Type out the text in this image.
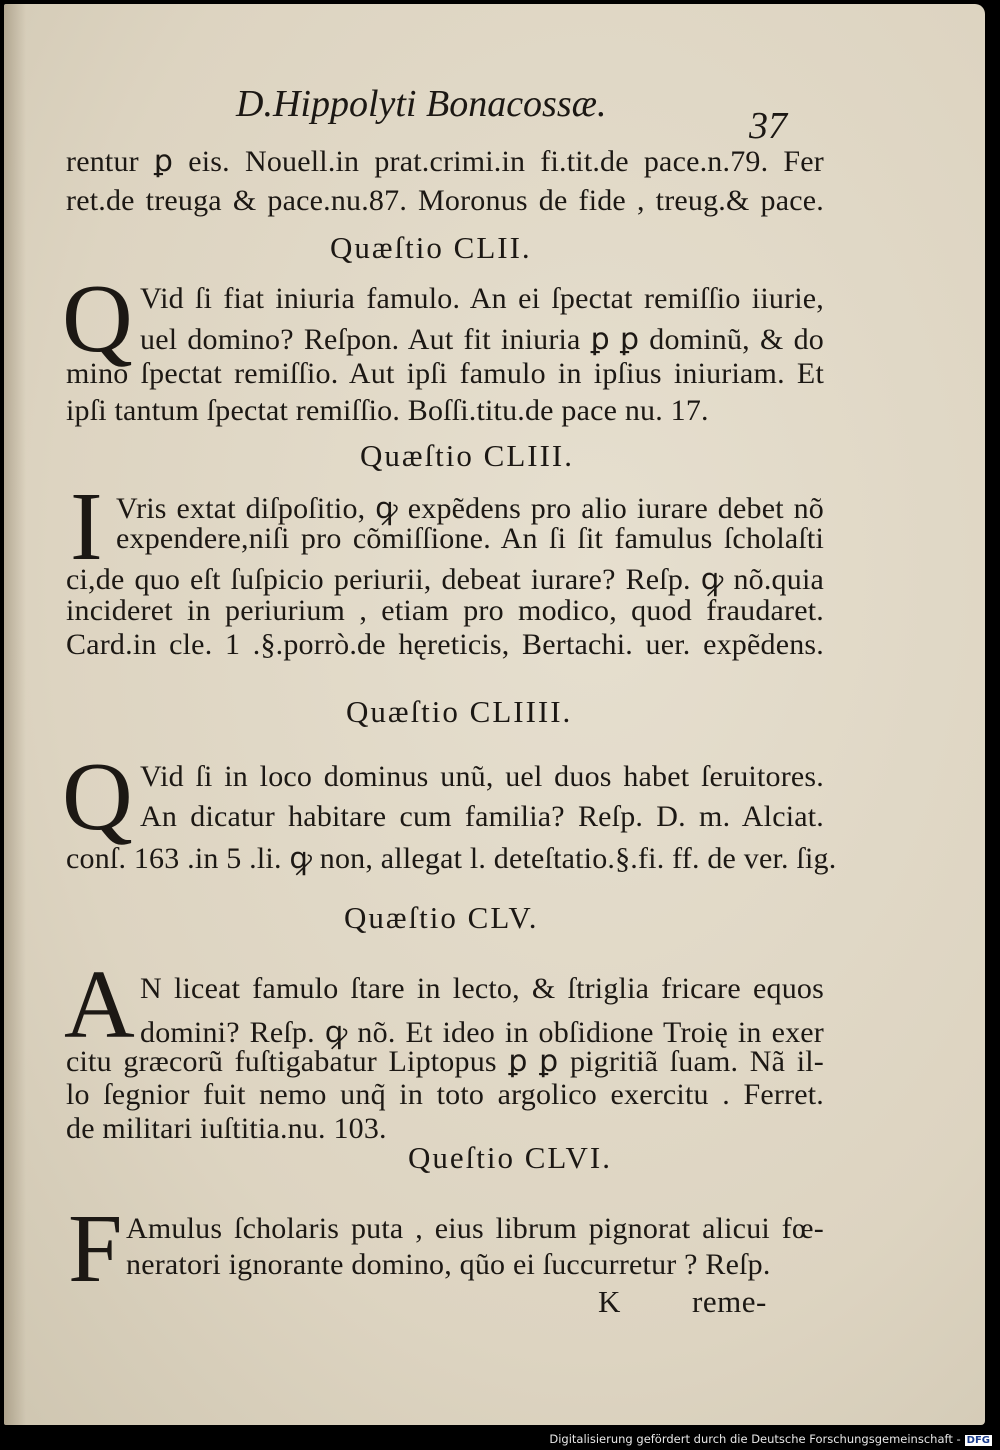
D.Hippolyti Bonacossæ.
37
rentur ꝑ eis. Nouell.in prat.crimi.in fi.tit.de pace.n.79. Fer
ret.de treuga & pace.nu.87. Moronus de fide , treug.& pace.
Quæſtio CLII.
Q Vid ſi fiat iniuria famulo. An ei ſpectat remiſſio iiurie,
uel domino? Reſpon. Aut fit iniuria ꝑ ꝑ dominũ, & do
mino ſpectat remiſſio. Aut ipſi famulo in ipſius iniuriam. Et
ipſi tantum ſpectat remiſſio. Boſſi.titu.de pace nu. 17.
Quæſtio CLIII.
I Vris extat diſpoſitio, ꝙ expẽdens pro alio iurare debet nõ
expendere,niſi pro cõmiſſione. An ſi ſit famulus ſcholaſti
ci,de quo eſt ſuſpicio periurii, debeat iurare? Reſp. ꝙ nõ.quia
incideret in periurium , etiam pro modico, quod fraudaret.
Card.in cle. 1 .§.porrò.de hęreticis, Bertachi. uer. expẽdens.
Quæſtio CLIIII.
Q Vid ſi in loco dominus unũ, uel duos habet ſeruitores.
An dicatur habitare cum familia? Reſp. D. m. Alciat.
conſ. 163 .in 5 .li. ꝙ non, allegat l. deteſtatio.§.fi. ff. de ver. ſig.
Quæſtio CLV.
A N liceat famulo ſtare in lecto, & ſtriglia fricare equos
domini? Reſp. ꝙ nõ. Et ideo in obſidione Troię in exer
citu græcorũ fuſtigabatur Liptopus ꝑ ꝑ pigritiã ſuam. Nã il-
lo ſegnior fuit nemo unq̃ in toto argolico exercitu . Ferret.
de militari iuſtitia.nu. 103.
Queſtio CLVI.
F Amulus ſcholaris puta , eius librum pignorat alicui fœ-
neratori ignorante domino, qũo ei ſuccurretur ? Reſp.
K reme-
Digitalisierung gefördert durch die Deutsche Forschungsgemeinschaft - DFG
